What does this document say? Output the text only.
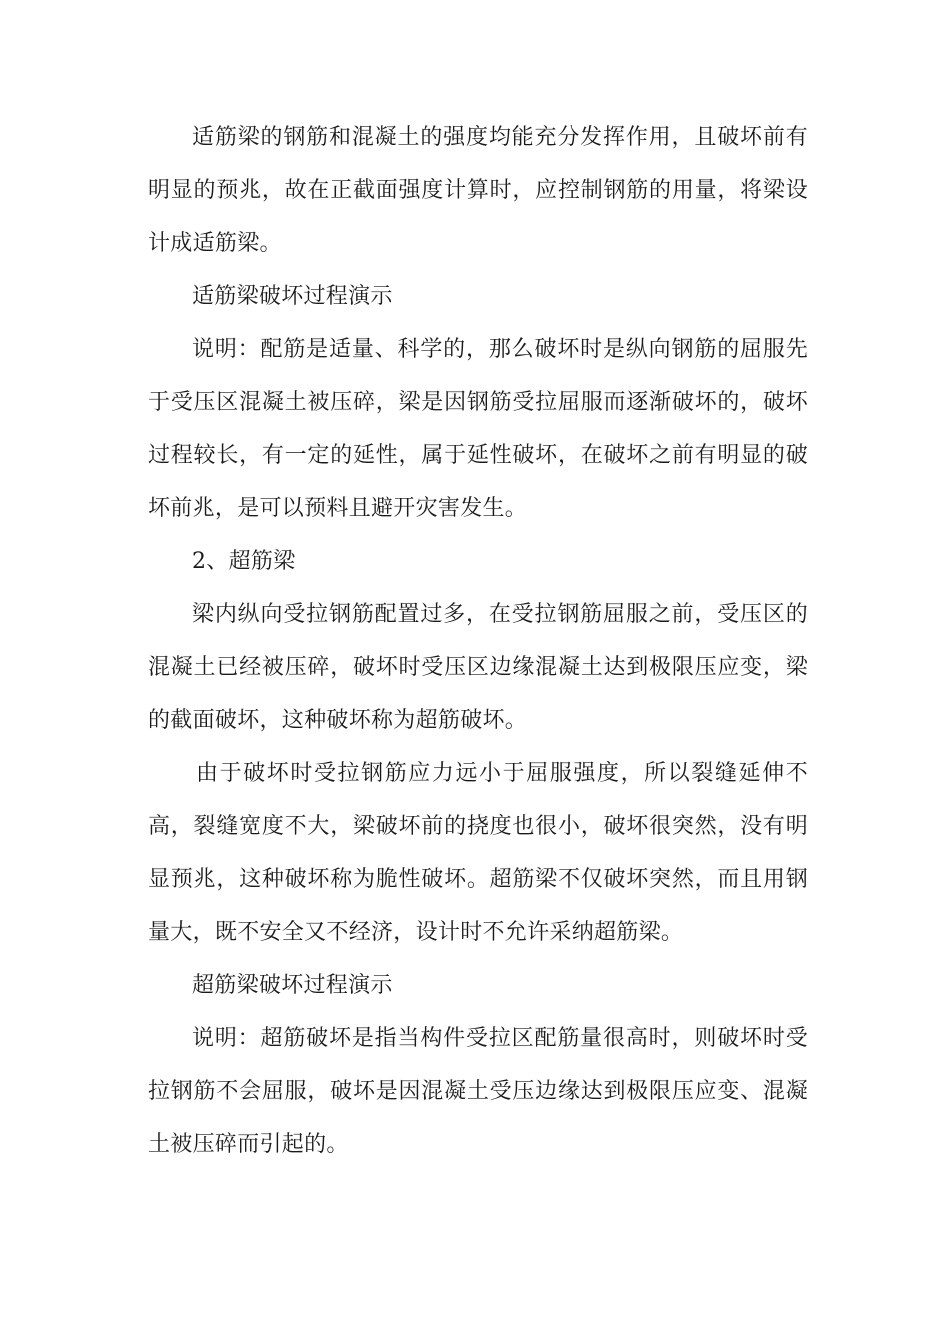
适筋梁的钢筋和混凝土的强度均能充分发挥作用，且破坏前有明显的预兆，故在正截面强度计算时，应控制钢筋的用量，将梁设计成适筋梁。

适筋梁破坏过程演示

说明：配筋是适量、科学的，那么破坏时是纵向钢筋的屈服先于受压区混凝土被压碎，梁是因钢筋受拉屈服而逐渐破坏的，破坏过程较长，有一定的延性，属于延性破坏，在破坏之前有明显的破坏前兆，是可以预料且避开灾害发生。

2、超筋梁

梁内纵向受拉钢筋配置过多，在受拉钢筋屈服之前，受压区的混凝土已经被压碎，破坏时受压区边缘混凝土达到极限压应变，梁的截面破坏，这种破坏称为超筋破坏。

由于破坏时受拉钢筋应力远小于屈服强度，所以裂缝延伸不高，裂缝宽度不大，梁破坏前的挠度也很小，破坏很突然，没有明显预兆，这种破坏称为脆性破坏。超筋梁不仅破坏突然，而且用钢量大，既不安全又不经济，设计时不允许采纳超筋梁。

超筋梁破坏过程演示

说明：超筋破坏是指当构件受拉区配筋量很高时，则破坏时受拉钢筋不会屈服，破坏是因混凝土受压边缘达到极限压应变、混凝土被压碎而引起的。
